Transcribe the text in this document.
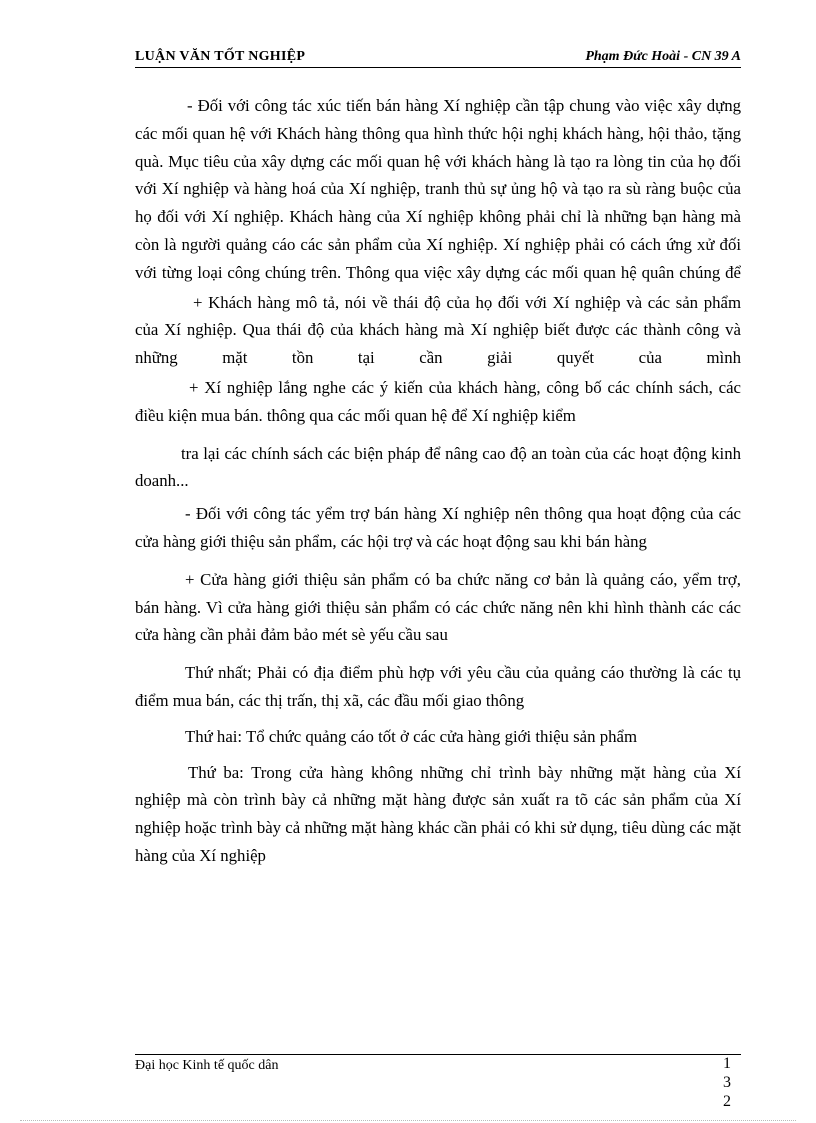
LUẬN VĂN TỐT NGHIỆP	Phạm Đức Hoài - CN 39 A

- Đối với công tác xúc tiến bán hàng Xí nghiệp cần tập chung vào việc xây dựng các mối quan hệ với Khách hàng thông qua hình thức hội nghị khách hàng, hội thảo, tặng quà. Mục tiêu của xây dựng các mối quan hệ với khách hàng là tạo ra lòng tin của họ đối với Xí nghiệp và hàng hoá của Xí nghiệp, tranh thủ sự ủng hộ và tạo ra sù ràng buộc của họ đối với Xí nghiệp. Khách hàng của Xí nghiệp không phải chỉ là những bạn hàng mà còn là người quảng cáo các sản phẩm của Xí nghiệp. Xí nghiệp phải có cách ứng xử đối với từng loại công chúng trên. Thông qua việc xây dựng các mối quan hệ quân chúng để

+ Khách hàng mô tả, nói về thái độ của họ đối với Xí nghiệp và các sản phẩm của Xí nghiệp. Qua thái độ của khách hàng mà Xí nghiệp biết được các thành công và những mặt tồn tại cần giải quyết của mình

+ Xí nghiệp lắng nghe các ý kiến của khách hàng, công bố các chính sách, các điều kiện mua bán. thông qua các mối quan hệ để Xí nghiệp kiểm

tra lại các chính sách các biện pháp để nâng cao độ an toàn của các hoạt động kinh doanh...

- Đối với công tác yểm trợ bán hàng Xí nghiệp nên thông qua hoạt động của các cửa hàng giới thiệu sản phẩm, các hội trợ và các hoạt động sau khi bán hàng

+ Cửa hàng giới thiệu sản phẩm có ba chức năng cơ bản là quảng cáo, yểm trợ, bán hàng. Vì cửa hàng giới thiệu sản phẩm có các chức năng nên khi hình thành các các cửa hàng cần phải đảm bảo mét sè yếu cầu sau

Thứ nhất; Phải có địa điểm phù hợp với yêu cầu của quảng cáo thường là các tụ điểm mua bán, các thị trấn, thị xã, các đầu mối giao thông

Thứ hai: Tổ chức quảng cáo tốt ở các cửa hàng giới thiệu sản phẩm

Thứ ba: Trong cửa hàng không những chỉ trình bày những mặt hàng của Xí nghiệp mà còn trình bày cả những mặt hàng được sản xuất ra tõ các sản phẩm của Xí nghiệp hoặc trình bày cả những mặt hàng khác cần phải có khi sử dụng, tiêu dùng các mặt hàng của Xí nghiệp

Đại học Kinh tế quốc dân	1
3
2
